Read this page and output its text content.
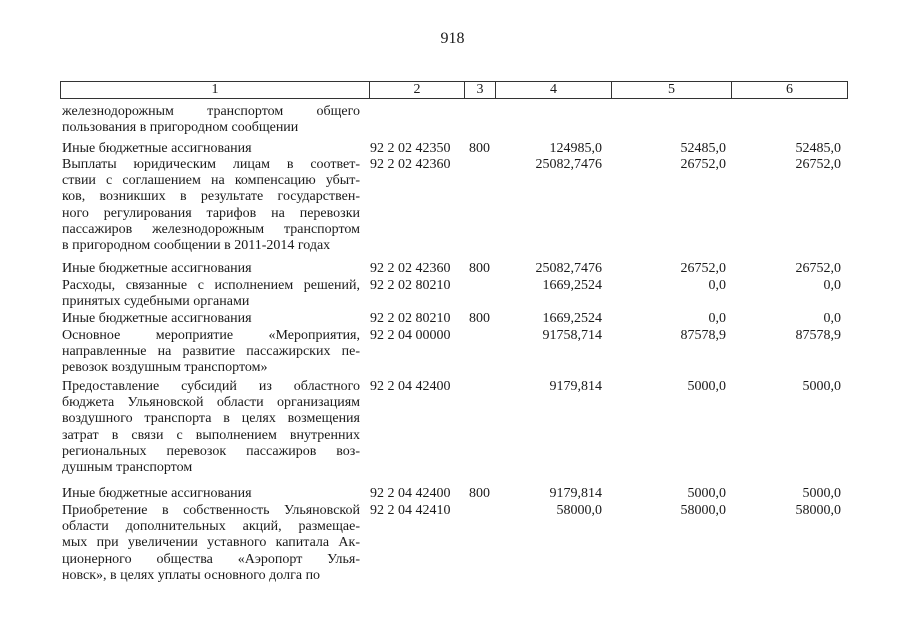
918
1	2	3	4	5	6
железнодорожным транспортом общего
пользования в пригородном сообщении
Иные бюджетные ассигнования	92 2 02 42350	800	124985,0	52485,0	52485,0
Выплаты юридическим лицам в соответ-
ствии с соглашением на компенсацию убыт-
ков, возникших в результате государствен-
ного регулирования тарифов на перевозки
пассажиров железнодорожным транспортом
в пригородном сообщении в 2011-2014 годах
92 2 02 42360	25082,7476	26752,0	26752,0
Иные бюджетные ассигнования	92 2 02 42360	800	25082,7476	26752,0	26752,0
Расходы, связанные с исполнением решений,
принятых судебными органами
92 2 02 80210	1669,2524	0,0	0,0
Иные бюджетные ассигнования	92 2 02 80210	800	1669,2524	0,0	0,0
Основное мероприятие «Мероприятия,
направленные на развитие пассажирских пе-
ревозок воздушным транспортом»
92 2 04 00000	91758,714	87578,9	87578,9
Предоставление субсидий из областного
бюджета Ульяновской области организациям
воздушного транспорта в целях возмещения
затрат в связи с выполнением внутренних
региональных перевозок пассажиров воз-
душным транспортом
92 2 04 42400	9179,814	5000,0	5000,0
Иные бюджетные ассигнования	92 2 04 42400	800	9179,814	5000,0	5000,0
Приобретение в собственность Ульяновской
области дополнительных акций, размещае-
мых при увеличении уставного капитала Ак-
ционерного общества «Аэропорт Улья-
новск», в целях уплаты основного долга по
92 2 04 42410	58000,0	58000,0	58000,0
